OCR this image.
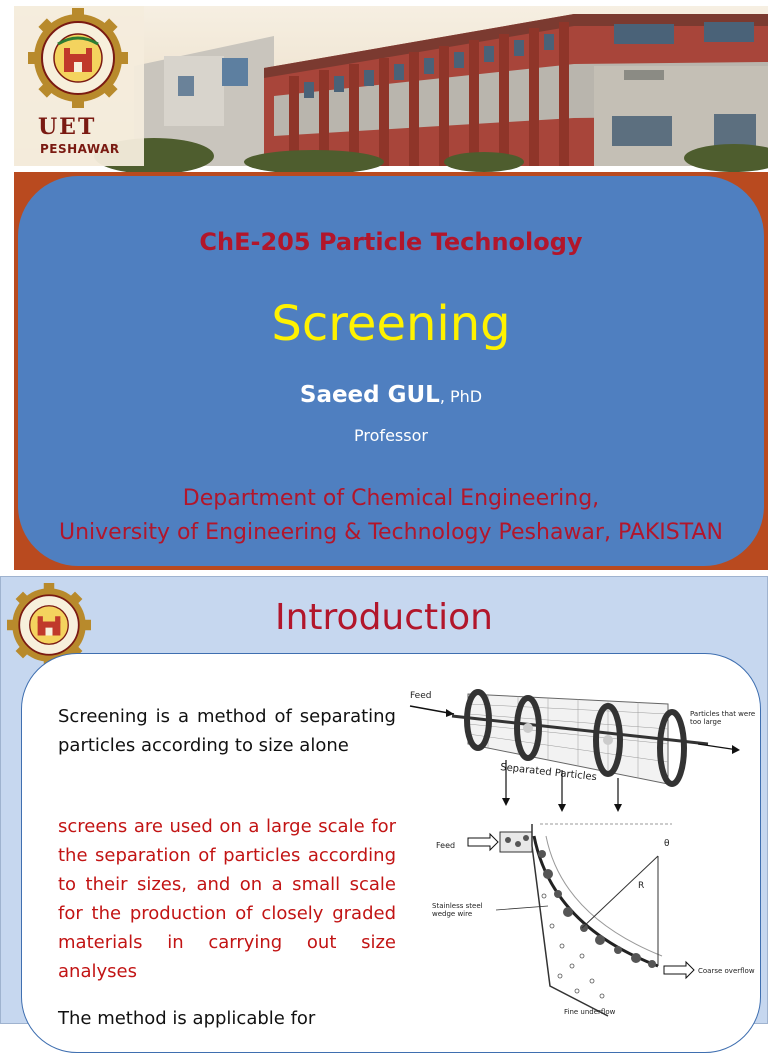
UET
PESHAWAR
ChE-205 Particle Technology
Screening
Saeed GUL, PhD
Professor
Department of Chemical Engineering,
University of Engineering & Technology Peshawar, PAKISTAN
Introduction

Screening is a method of separating particles according to size alone

screens are used on a large scale for the separation of particles according to their sizes, and on a small scale for the production of closely graded materials in carrying out size analyses

The method is applicable for

Feed
Particles that were
too large
Separated Particles
Feed	θ
R
Stainless steel
wedge wire
Coarse overflow
Fine underflow
